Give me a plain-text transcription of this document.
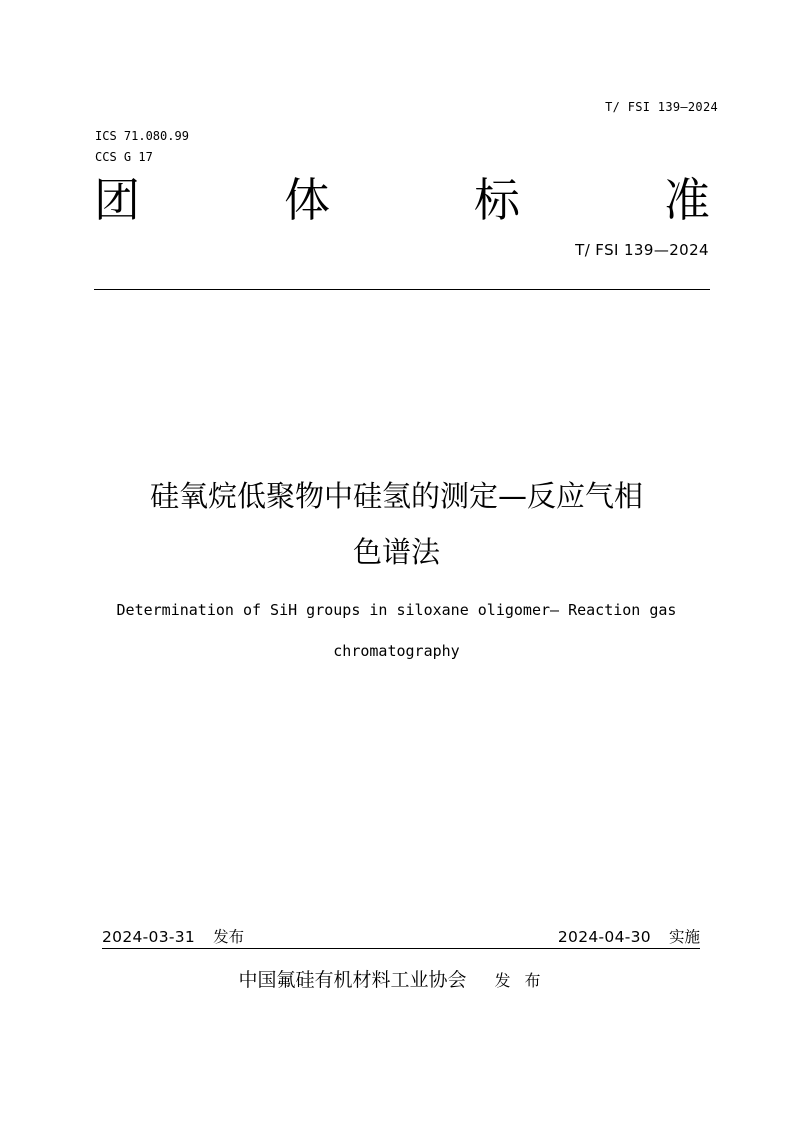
T/ FSI 139—2024
ICS 71.080.99
CCS G 17
团	体	标	准
T/ FSI 139—2024
硅氧烷低聚物中硅氢的测定—反应气相
色谱法
Determination of SiH groups in siloxane oligomer— Reaction gas
chromatography
2024-03-31 发布	2024-04-30 实施
中国氟硅有机材料工业协会 发布
